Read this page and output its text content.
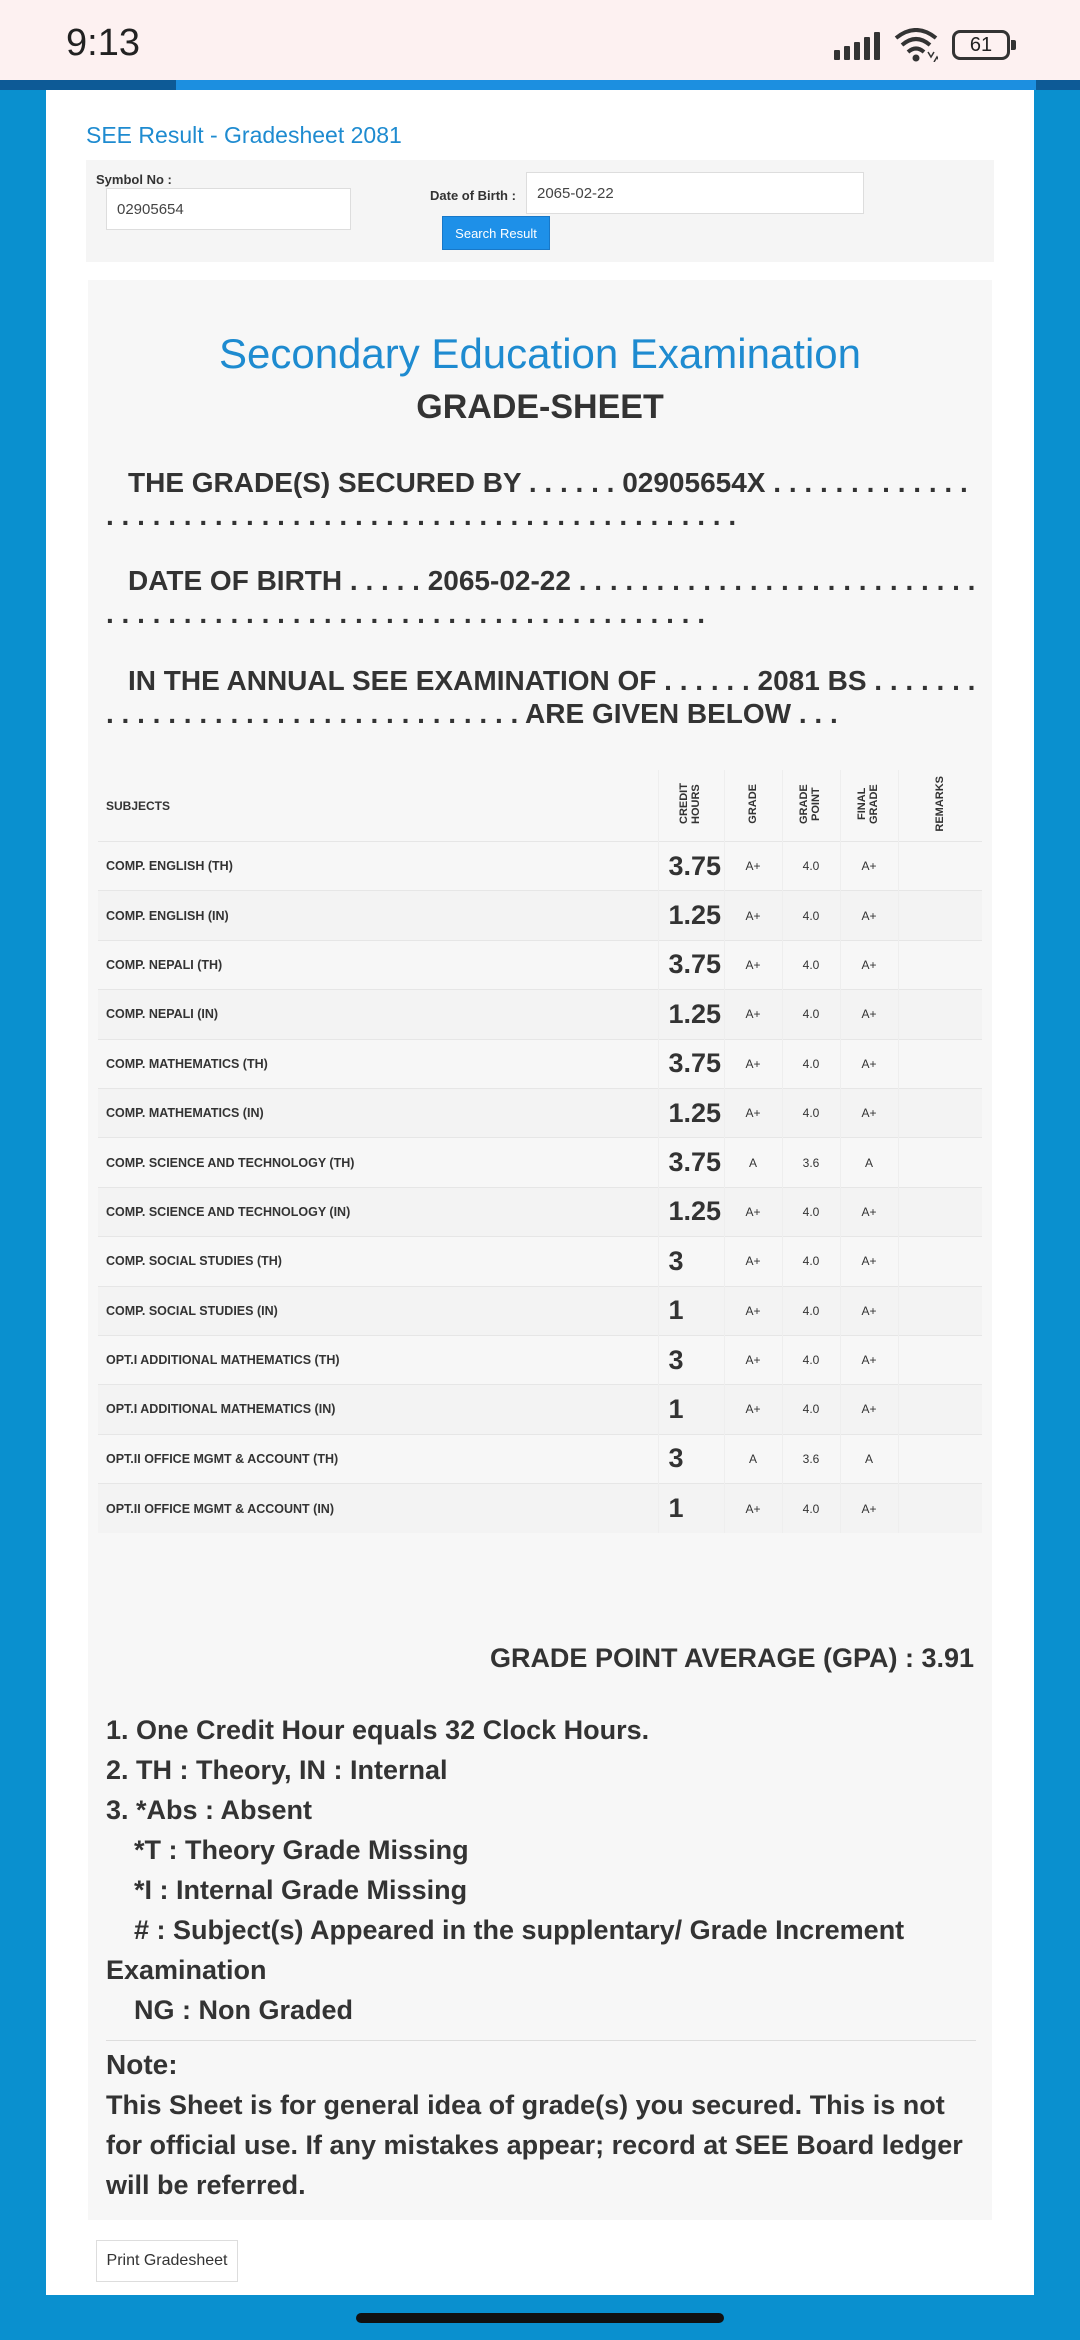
9:13	61
SEE Result - Gradesheet 2081
Symbol No :
02905654
Date of Birth :	2065-02-22
Search Result
Secondary Education Examination
GRADE-SHEET
THE GRADE(S) SECURED BY . . . . . . 02905654X . . . . . . . . . . . . . . . . . . . . . . . . . . . . . . . . . . . . . . . . . . . . . . . . . . . . . .
DATE OF BIRTH . . . . . 2065-02-22 . . . . . . . . . . . . . . . . . . . . . . . . . . . . . . . . . . . . . . . . . . . . . . . . . . . . . . . . . . . . . . . . .
IN THE ANNUAL SEE EXAMINATION OF . . . . . . 2081 BS . . . . . . . . . . . . . . . . . . . . . . . . . . . . . . . . . . ARE GIVEN BELOW . . .
SUBJECTS	CREDIT HOURS	GRADE	GRADE POINT	FINAL GRADE	REMARKS
COMP. ENGLISH (TH)	3.75	A+	4.0	A+	
COMP. ENGLISH (IN)	1.25	A+	4.0	A+	
COMP. NEPALI (TH)	3.75	A+	4.0	A+	
COMP. NEPALI (IN)	1.25	A+	4.0	A+	
COMP. MATHEMATICS (TH)	3.75	A+	4.0	A+	
COMP. MATHEMATICS (IN)	1.25	A+	4.0	A+	
COMP. SCIENCE AND TECHNOLOGY (TH)	3.75	A	3.6	A	
COMP. SCIENCE AND TECHNOLOGY (IN)	1.25	A+	4.0	A+	
COMP. SOCIAL STUDIES (TH)	3	A+	4.0	A+	
COMP. SOCIAL STUDIES (IN)	1	A+	4.0	A+	
OPT.I ADDITIONAL MATHEMATICS (TH)	3	A+	4.0	A+	
OPT.I ADDITIONAL MATHEMATICS (IN)	1	A+	4.0	A+	
OPT.II OFFICE MGMT & ACCOUNT (TH)	3	A	3.6	A	
OPT.II OFFICE MGMT & ACCOUNT (IN)	1	A+	4.0	A+	
GRADE POINT AVERAGE (GPA) : 3.91
1. One Credit Hour equals 32 Clock Hours.
2. TH : Theory, IN : Internal
3. *Abs : Absent
*T : Theory Grade Missing
*I : Internal Grade Missing
# : Subject(s) Appeared in the supplentary/ Grade Increment
Examination
NG : Non Graded
Note:
This Sheet is for general idea of grade(s) you secured. This is not for official use. If any mistakes appear; record at SEE Board ledger will be referred.
Print Gradesheet
